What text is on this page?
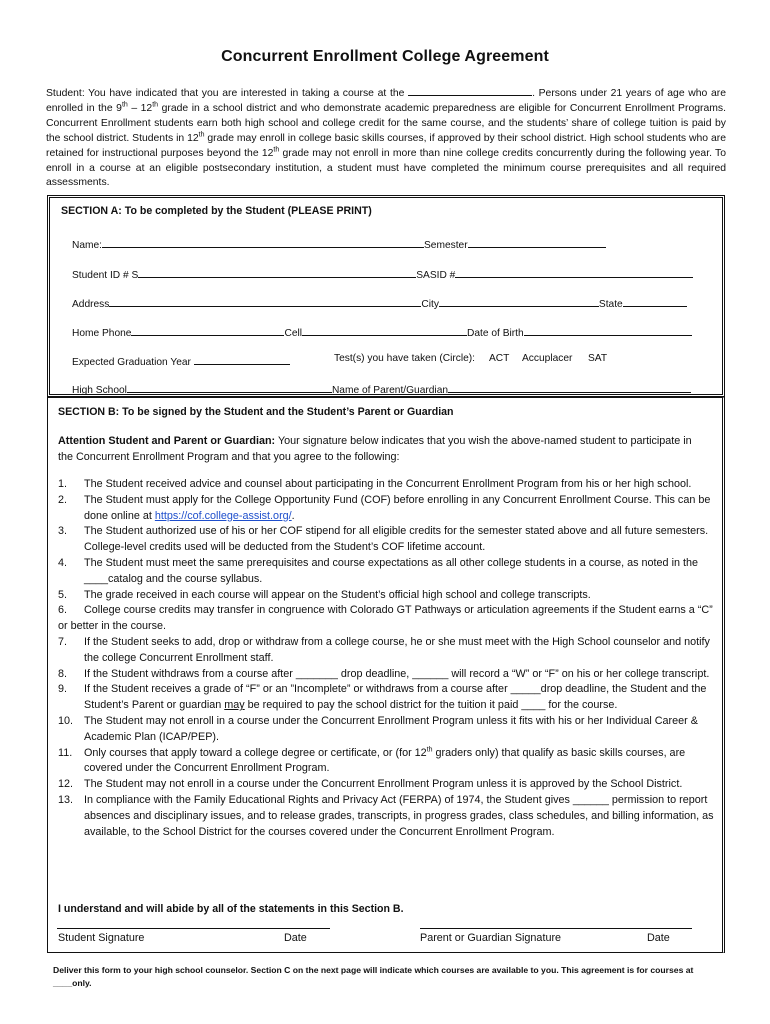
Concurrent Enrollment College Agreement
Student: You have indicated that you are interested in taking a course at the	. Persons under 21 years of age who are enrolled in the 9th – 12th grade in a school district and who demonstrate academic preparedness are eligible for Concurrent Enrollment Programs. Concurrent Enrollment students earn both high school and college credit for the same course, and the students’ share of college tuition is paid by the school district. Students in 12th grade may enroll in college basic skills courses, if approved by their school district. High school students who are retained for instructional purposes beyond the 12th grade may not enroll in more than nine college credits concurrently during the following year. To enroll in a course at an eligible postsecondary institution, a student must have completed the minimum course prerequisites and all required assessments.
SECTION A: To be completed by the Student (PLEASE PRINT)
Name:	Semester
Student ID # S	SASID #
Address	City	State
Home Phone	Cell	Date of Birth
Expected Graduation Year	Test(s) you have taken (Circle): ACT Accuplacer SAT
High School	Name of Parent/Guardian
SECTION B: To be signed by the Student and the Student’s Parent or Guardian
Attention Student and Parent or Guardian: Your signature below indicates that you wish the above-named student to participate in the Concurrent Enrollment Program and that you agree to the following:
1. The Student received advice and counsel about participating in the Concurrent Enrollment Program from his or her high school.
2. The Student must apply for the College Opportunity Fund (COF) before enrolling in any Concurrent Enrollment Course. This can be done online at https://cof.college-assist.org/.
3. The Student authorized use of his or her COF stipend for all eligible credits for the semester stated above and all future semesters. College-level credits used will be deducted from the Student’s COF lifetime account.
4. The Student must meet the same prerequisites and course expectations as all other college students in a course, as noted in the ____catalog and the course syllabus.
5. The grade received in each course will appear on the Student’s official high school and college transcripts.
6. College course credits may transfer in congruence with Colorado GT Pathways or articulation agreements if the Student earns a “C” or better in the course.
7. If the Student seeks to add, drop or withdraw from a college course, he or she must meet with the High School counselor and notify the college Concurrent Enrollment staff.
8. If the Student withdraws from a course after _______ drop deadline, ______ will record a “W” or “F” on his or her college transcript.
9. If the Student receives a grade of “F” or an ”Incomplete” or withdraws from a course after _____drop deadline, the Student and the Student’s Parent or guardian may be required to pay the school district for the tuition it paid ____ for the course.
10. The Student may not enroll in a course under the Concurrent Enrollment Program unless it fits with his or her Individual Career & Academic Plan (ICAP/PEP).
11. Only courses that apply toward a college degree or certificate, or (for 12th graders only) that qualify as basic skills courses, are covered under the Concurrent Enrollment Program.
12. The Student may not enroll in a course under the Concurrent Enrollment Program unless it is approved by the School District.
13. In compliance with the Family Educational Rights and Privacy Act (FERPA) of 1974, the Student gives ______ permission to report absences and disciplinary issues, and to release grades, transcripts, in progress grades, class schedules, and billing information, as available, to the School District for the courses covered under the Concurrent Enrollment Program.
I understand and will abide by all of the statements in this Section B.
Student Signature	Date	Parent or Guardian Signature	Date
Deliver this form to your high school counselor. Section C on the next page will indicate which courses are available to you. This agreement is for courses at
____only.
